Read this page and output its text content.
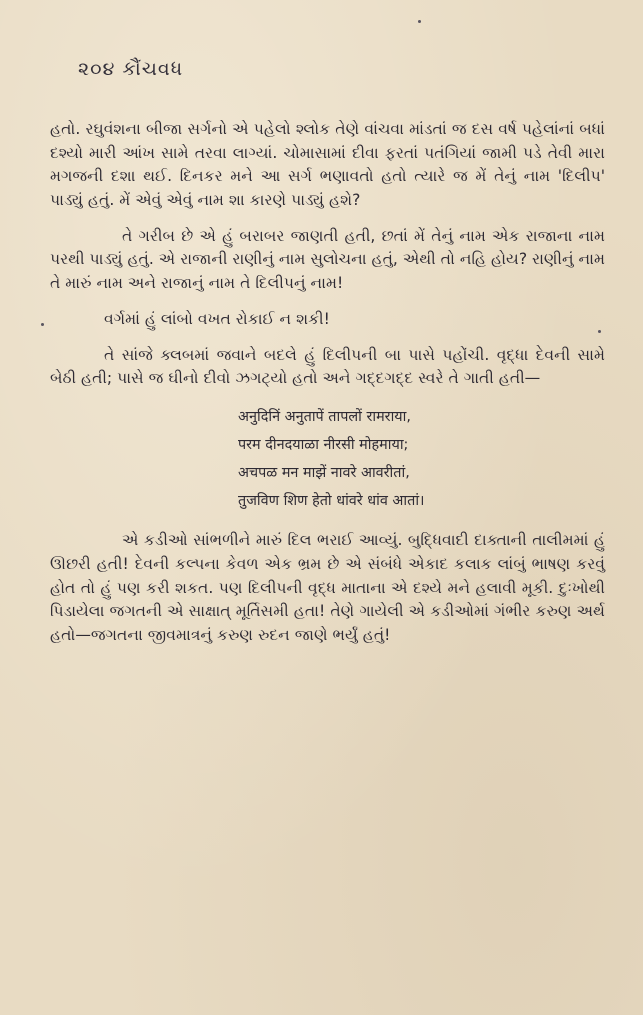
૨૦૪ કૌંચવધ

હતો. રઘુવંશના બીજા સર્ગનો એ પહેલો શ્લોક તેણે વાંચવા માંડતાં જ દસ વર્ષ પહેલાંનાં બધાં દશ્યો મારી આંખ સામે તરવા લાગ્યાં. ચોમાસામાં દીવા ફરતાં પતંગિયાં જામી પડે તેવી મારા મગજની દશા થઈ. દિનકર મને આ સર્ગ ભણાવતો હતો ત્યારે જ મેં તેનું નામ 'દિલીપ' પાડ્યું હતું. મેં એવું એવું નામ શા કારણે પાડ્યું હશે?

તે ગરીબ છે એ હું બરાબર જાણતી હતી, છતાં મેં તેનું નામ એક રાજાના નામ પરથી પાડ્યું હતું. એ રાજાની રાણીનું નામ સુલોચના હતું, એથી તો નહિ હોય? રાણીનું નામ તે મારું નામ અને રાજાનું નામ તે દિલીપનું નામ!

વર્ગમાં હું લાંબો વખત રોકાઈ ન શકી!

તે સાંજે ક્લબમાં જવાને બદલે હું દિલીપની બા પાસે પહોંચી. વૃદ્ધા દેવની સામે બેઠી હતી; પાસે જ ઘીનો દીવો ઝગટ્યો હતો અને ગદ્દગદ્દ સ્વરે તે ગાતી હતી—

अनुदिनिं अनुतापें तापलों रामराया,
परम दीनदयाळा नीरसी मोहमाया;
अचपळ मन माझें नावरे आवरीतां,
तुजविण शिण हेतो धांवरे धांव आतां।

એ કડીઓ સાંભળીને મારું દિલ ભરાઈ આવ્યું. બુદ્ધિવાદી દાક્તાની તાલીમમાં હું ઊછરી હતી! દેવની કલ્પના કેવળ એક ભ્રમ છે એ સંબંધે એકાદ કલાક લાંબું ભાષણ કરવું હોત તો હું પણ કરી શકત. પણ દિલીપની વૃદ્ધ માતાના એ દશ્યે મને હલાવી મૂકી. દુઃખોથી પિડાયેલા જગતની એ સાક્ષાત્ મૂર્તિસમી હતા! તેણે ગાયેલી એ કડીઓમાં ગંભીર કરુણ અર્થ હતો—જગતના જીવમાત્રનું કરુણ રુદન જાણે ભર્યું હતું!
